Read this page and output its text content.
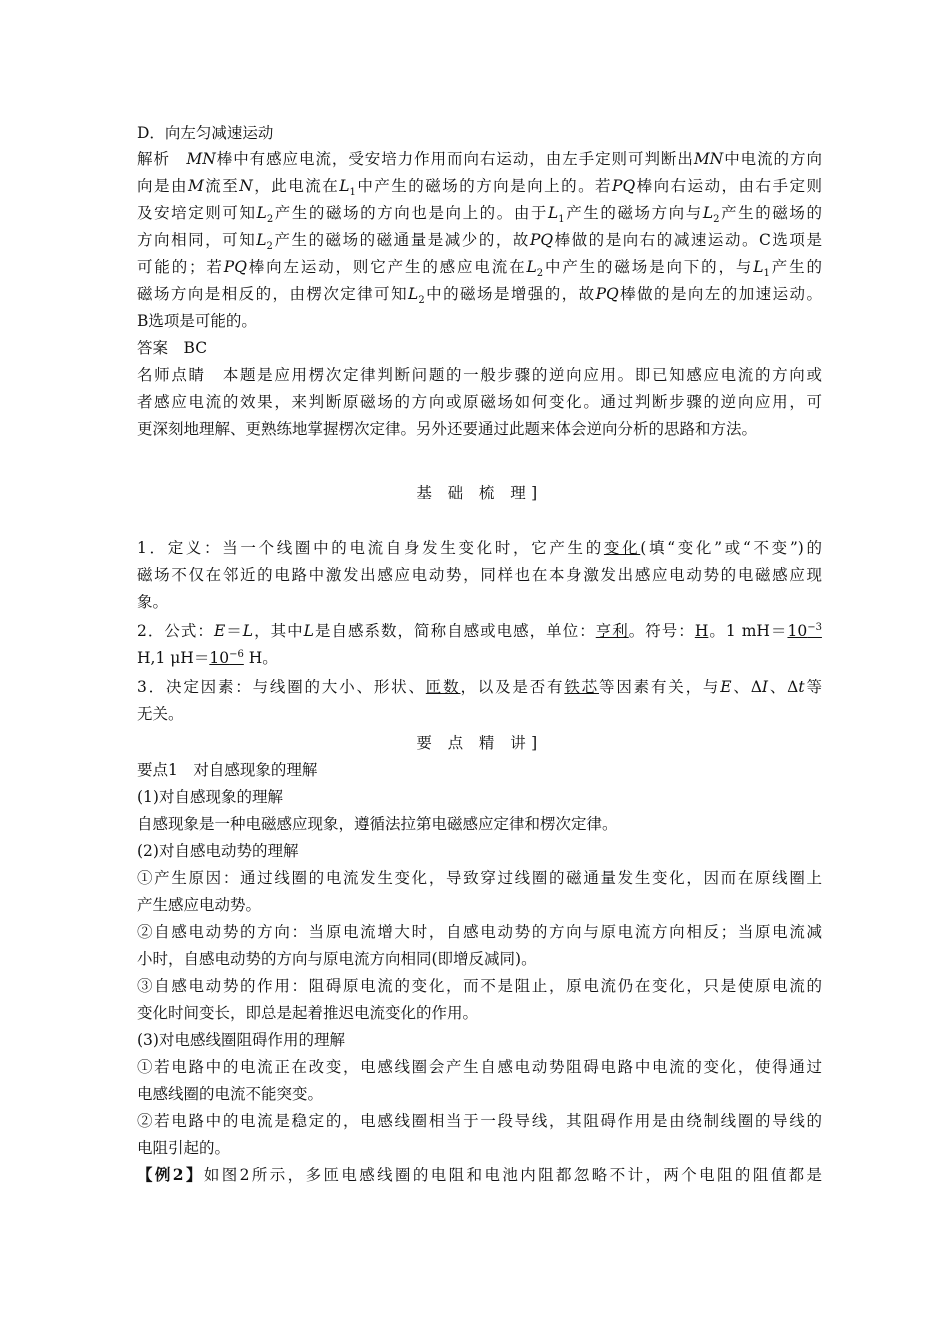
D．向左匀减速运动
解析　 MN棒中有感应电流，受安培力作用而向右运动，由左手定则可判断出MN中电流的方向
向是由M流至N，此电流在$L_1$中产生的磁场的方向是向上的。若PQ棒向右运动，由右手定则
及安培定则可知$L_2$产生的磁场的方向也是向上的。由于$L_1$产生的磁场方向与$L_2$产生的磁场的
方向相同，可知$L_2$产生的磁场的磁通量是减少的，故PQ棒做的是向右的减速运动。C选项是
可能的；若PQ棒向左运动，则它产生的感应电流在$L_2$中产生的磁场是向下的，与$L_1$产生的
磁场方向是相反的，由楞次定律可知$L_2$中的磁场是增强的，故PQ棒做的是向左的加速运动。
B选项是可能的。
答案　 BC
名师点睛　 本题是应用楞次定律判断问题的一般步骤的逆向应用。即已知感应电流的方向或
者感应电流的效果，来判断原磁场的方向或原磁场如何变化。通过判断步骤的逆向应用，可
更深刻地理解、更熟练地掌握楞次定律。另外还要通过此题来体会逆向分析的思路和方法。
基 础 梳 理]
1．定义：当一个线圈中的电流自身发生变化时，它产生的变化(填“变化”或“不变”)的
磁场不仅在邻近的电路中激发出感应电动势，同样也在本身激发出感应电动势的电磁感应现
象。
2．公式：E＝L，其中L是自感系数，简称自感或电感，单位：亨利。符号：H。1 $mH=10^{-3}$
H,1 $\mu H=10^{-6}$ H。
3．决定因素：与线圈的大小、形状、匝数，以及是否有铁芯等因素有关，与E、ΔI、Δt等
无关。
要 点 精 讲]
要点1　对自感现象的理解
(1)对自感现象的理解
自感现象是一种电磁感应现象，遵循法拉第电磁感应定律和楞次定律。
(2)对自感电动势的理解
①产生原因：通过线圈的电流发生变化，导致穿过线圈的磁通量发生变化，因而在原线圈上
产生感应电动势。
②自感电动势的方向：当原电流增大时，自感电动势的方向与原电流方向相反；当原电流减
小时，自感电动势的方向与原电流方向相同(即增反减同)。
③自感电动势的作用：阻碍原电流的变化，而不是阻止，原电流仍在变化，只是使原电流的
变化时间变长，即总是起着推迟电流变化的作用。
(3)对电感线圈阻碍作用的理解
①若电路中的电流正在改变，电感线圈会产生自感电动势阻碍电路中电流的变化，使得通过
电感线圈的电流不能突变。
②若电路中的电流是稳定的，电感线圈相当于一段导线，其阻碍作用是由绕制线圈的导线的
电阻引起的。
【例2】如图2所示，多匝电感线圈的电阻和电池内阻都忽略不计，两个电阻的阻值都是
